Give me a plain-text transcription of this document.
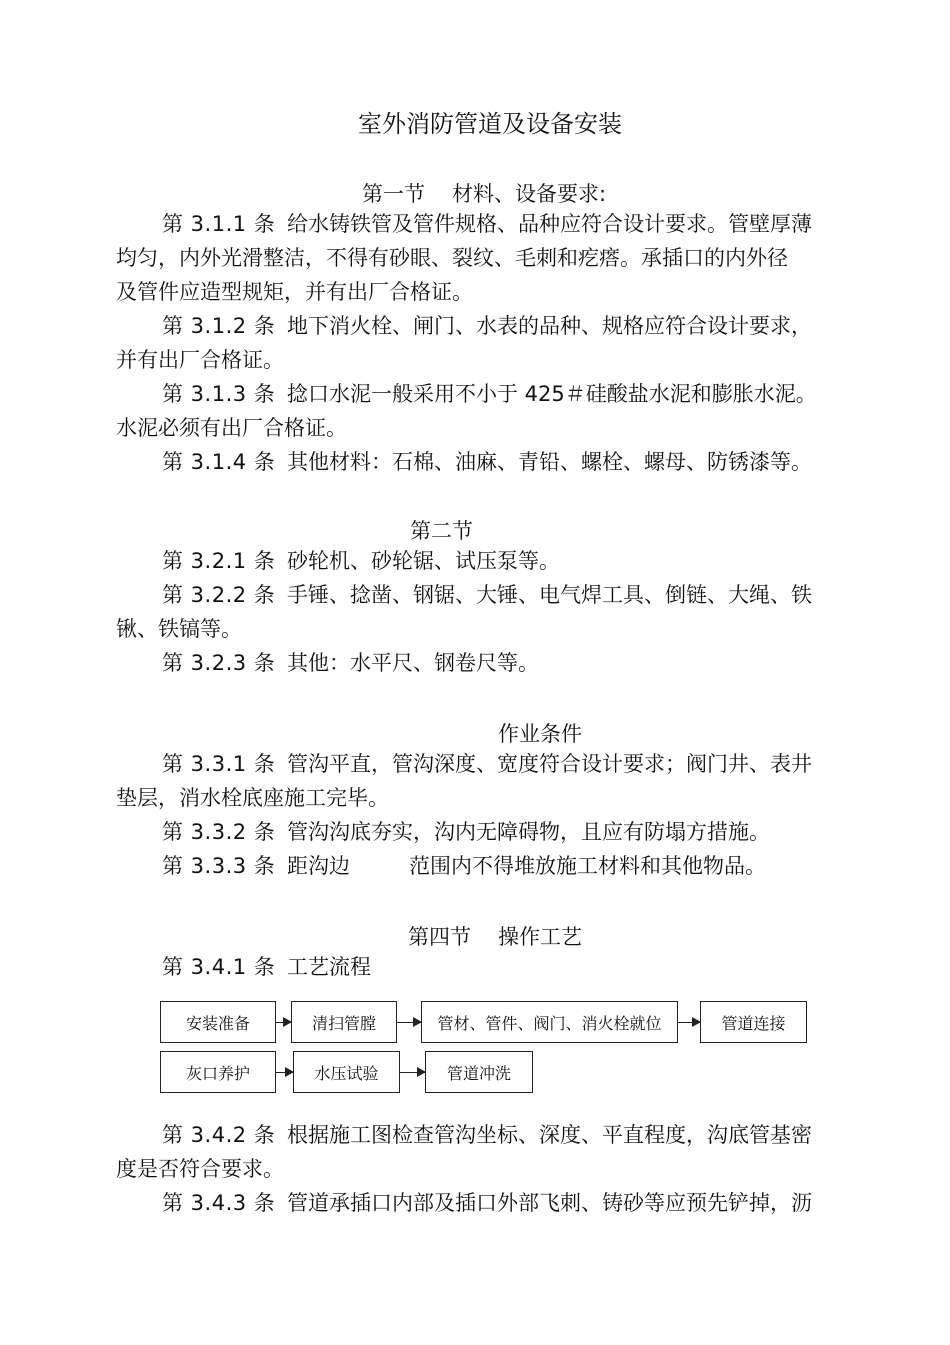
室外消防管道及设备安装
第一节 材料、设备要求:
第 3.1.1 条 给水铸铁管及管件规格、品种应符合设计要求。管壁厚薄
均匀，内外光滑整洁，不得有砂眼、裂纹、毛刺和疙瘩。承插口的内外径
及管件应造型规矩，并有出厂合格证。
第 3.1.2 条 地下消火栓、闸门、水表的品种、规格应符合设计要求，
并有出厂合格证。
第 3.1.3 条 捻口水泥一般采用不小于 425＃硅酸盐水泥和膨胀水泥。
水泥必须有出厂合格证。
第 3.1.4 条 其他材料：石棉、油麻、青铅、螺栓、螺母、防锈漆等。
第二节
第 3.2.1 条 砂轮机、砂轮锯、试压泵等。
第 3.2.2 条 手锤、捻凿、钢锯、大锤、电气焊工具、倒链、大绳、铁
锹、铁镐等。
第 3.2.3 条 其他：水平尺、钢卷尺等。
作业条件
第 3.3.1 条 管沟平直，管沟深度、宽度符合设计要求；阀门井、表井
垫层，消水栓底座施工完毕。
第 3.3.2 条 管沟沟底夯实，沟内无障碍物，且应有防塌方措施。
第 3.3.3 条 距沟边	范围内不得堆放施工材料和其他物品。
第四节 操作工艺
第 3.4.1 条 工艺流程
安装准备	清扫管膛	管材、管件、阀门、消火栓就位	管道连接
灰口养护	水压试验	管道冲洗
第 3.4.2 条 根据施工图检查管沟坐标、深度、平直程度，沟底管基密
度是否符合要求。
第 3.4.3 条 管道承插口内部及插口外部飞刺、铸砂等应预先铲掉，沥
